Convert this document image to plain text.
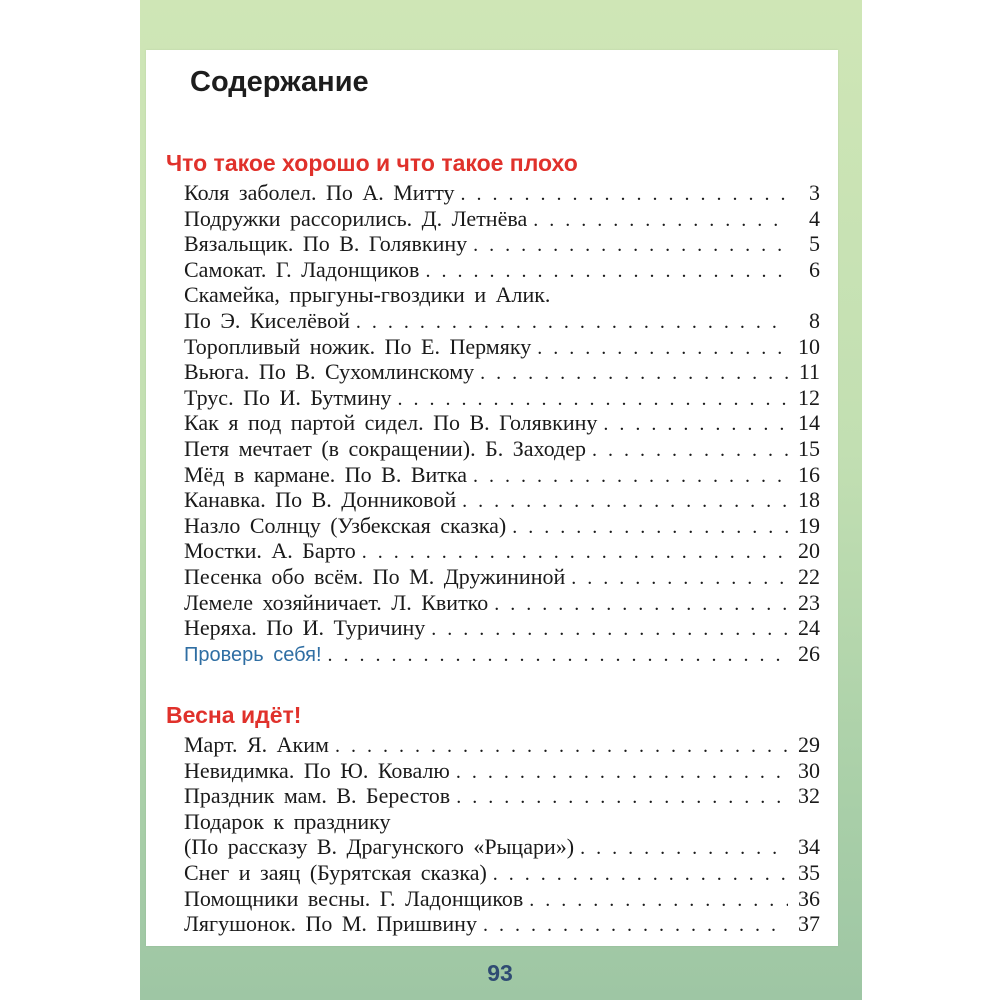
Содержание
Что такое хорошо и что такое плохо
Коля заболел. По А. Митту . . .	3
Подружки рассорились. Д. Летнёва . . .	4
Вязальщик. По В. Голявкину . . .	5
Самокат. Г. Ладонщиков . . .	6
Скамейка, прыгуны-гвоздики и Алик.
По Э. Киселёвой . . .	8
Торопливый ножик. По Е. Пермяку . . .	10
Вьюга. По В. Сухомлинскому . . .	11
Трус. По И. Бутмину . . .	12
Как я под партой сидел. По В. Голявкину . . .	14
Петя мечтает (в сокращении). Б. Заходер . . .	15
Мёд в кармане. По В. Витка . . .	16
Канавка. По В. Донниковой . . .	18
Назло Солнцу (Узбекская сказка) . . .	19
Мостки. А. Барто . . .	20
Песенка обо всём. По М. Дружининой . . .	22
Лемеле хозяйничает. Л. Квитко . . .	23
Неряха. По И. Туричину . . .	24
Проверь себя! . . .	26
Весна идёт!
Март. Я. Аким . . .	29
Невидимка. По Ю. Ковалю . . .	30
Праздник мам. В. Берестов . . .	32
Подарок к празднику
(По рассказу В. Драгунского «Рыцари») . . .	34
Снег и заяц (Бурятская сказка) . . .	35
Помощники весны. Г. Ладонщиков . . .	36
Лягушонок. По М. Пришвину . . .	37
93
